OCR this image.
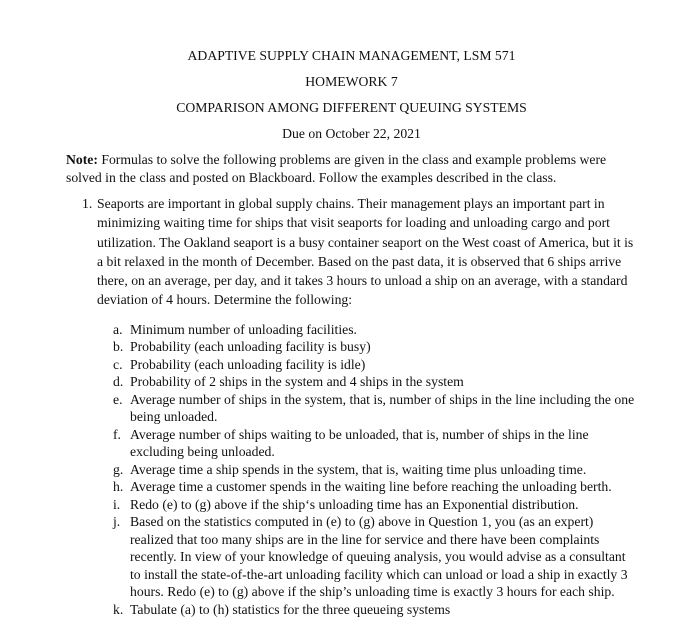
ADAPTIVE SUPPLY CHAIN MANAGEMENT, LSM 571
HOMEWORK 7
COMPARISON AMONG DIFFERENT QUEUING SYSTEMS
Due on October 22, 2021

Note: Formulas to solve the following problems are given in the class and example problems were solved in the class and posted on Blackboard. Follow the examples described in the class.

1. Seaports are important in global supply chains. Their management plays an important part in minimizing waiting time for ships that visit seaports for loading and unloading cargo and port utilization. The Oakland seaport is a busy container seaport on the West coast of America, but it is a bit relaxed in the month of December. Based on the past data, it is observed that 6 ships arrive there, on an average, per day, and it takes 3 hours to unload a ship on an average, with a standard deviation of 4 hours. Determine the following:
a. Minimum number of unloading facilities.
b. Probability (each unloading facility is busy)
c. Probability (each unloading facility is idle)
d. Probability of 2 ships in the system and 4 ships in the system
e. Average number of ships in the system, that is, number of ships in the line including the one being unloaded.
f. Average number of ships waiting to be unloaded, that is, number of ships in the line excluding being unloaded.
g. Average time a ship spends in the system, that is, waiting time plus unloading time.
h. Average time a customer spends in the waiting line before reaching the unloading berth.
i. Redo (e) to (g) above if the ship‘s unloading time has an Exponential distribution.
j. Based on the statistics computed in (e) to (g) above in Question 1, you (as an expert) realized that too many ships are in the line for service and there have been complaints recently. In view of your knowledge of queuing analysis, you would advise as a consultant to install the state-of-the-art unloading facility which can unload or load a ship in exactly 3 hours. Redo (e) to (g) above if the ship’s unloading time is exactly 3 hours for each ship.
k. Tabulate (a) to (h) statistics for the three queueing systems
